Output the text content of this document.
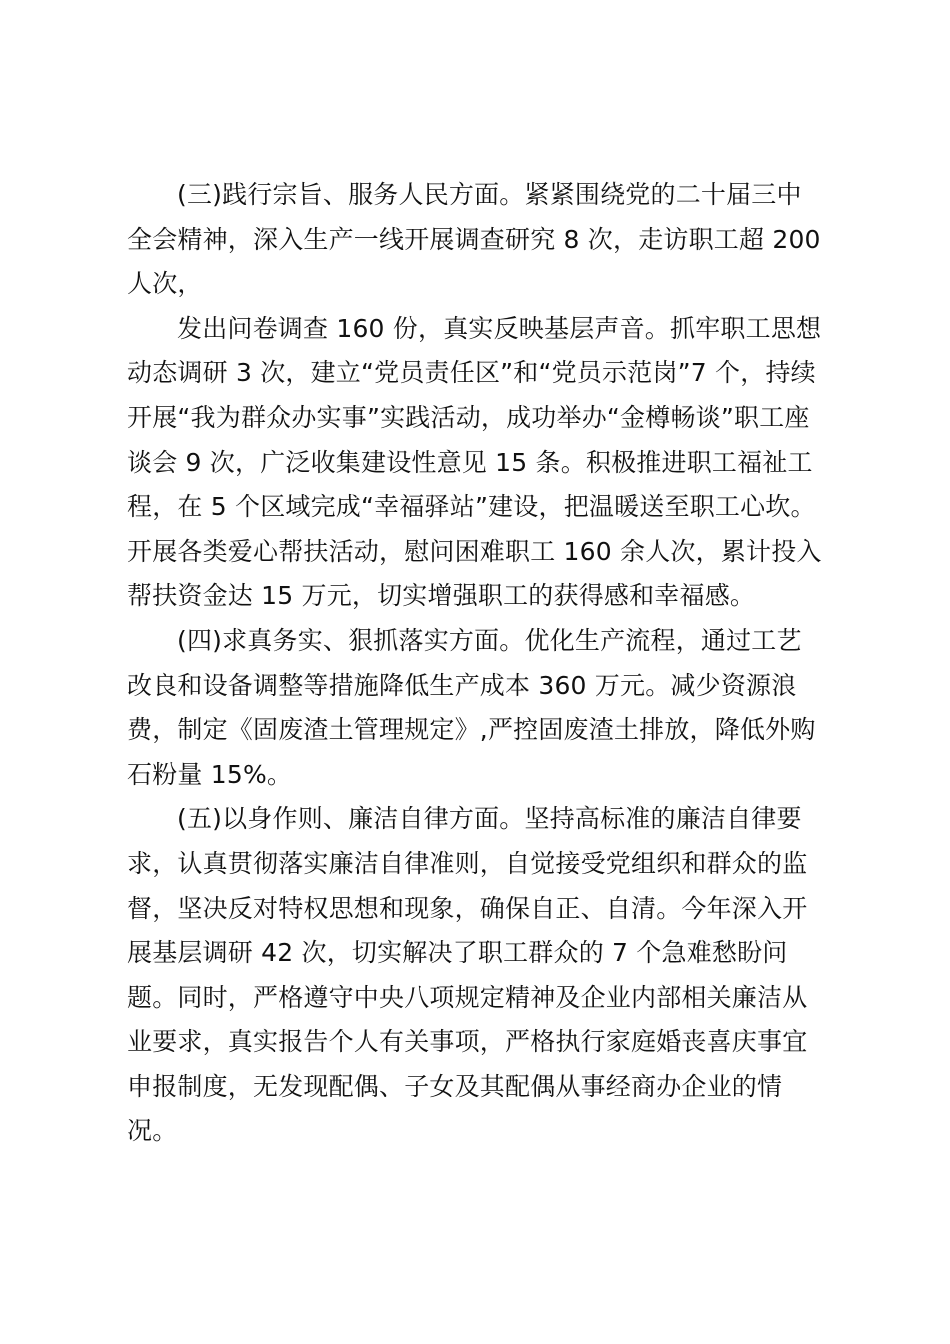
(三)践行宗旨、服务人民方面。紧紧围绕党的二十届三中
全会精神，深入生产一线开展调查研究 8 次，走访职工超 200
人次，
发出问卷调查 160 份，真实反映基层声音。抓牢职工思想
动态调研 3 次，建立“党员责任区”和“党员示范岗”7 个，持续
开展“我为群众办实事”实践活动，成功举办“金樽畅谈”职工座
谈会 9 次，广泛收集建设性意见 15 条。积极推进职工福祉工
程，在 5 个区域完成“幸福驿站”建设，把温暖送至职工心坎。
开展各类爱心帮扶活动，慰问困难职工 160 余人次，累计投入
帮扶资金达 15 万元，切实增强职工的获得感和幸福感。
(四)求真务实、狠抓落实方面。优化生产流程，通过工艺
改良和设备调整等措施降低生产成本 360 万元。减少资源浪
费，制定《固废渣土管理规定》,严控固废渣土排放，降低外购
石粉量 15%。
(五)以身作则、廉洁自律方面。坚持高标准的廉洁自律要
求，认真贯彻落实廉洁自律准则，自觉接受党组织和群众的监
督，坚决反对特权思想和现象，确保自正、自清。今年深入开
展基层调研 42 次，切实解决了职工群众的 7 个急难愁盼问
题。同时，严格遵守中央八项规定精神及企业内部相关廉洁从
业要求，真实报告个人有关事项，严格执行家庭婚丧喜庆事宜
申报制度，无发现配偶、子女及其配偶从事经商办企业的情
况。
